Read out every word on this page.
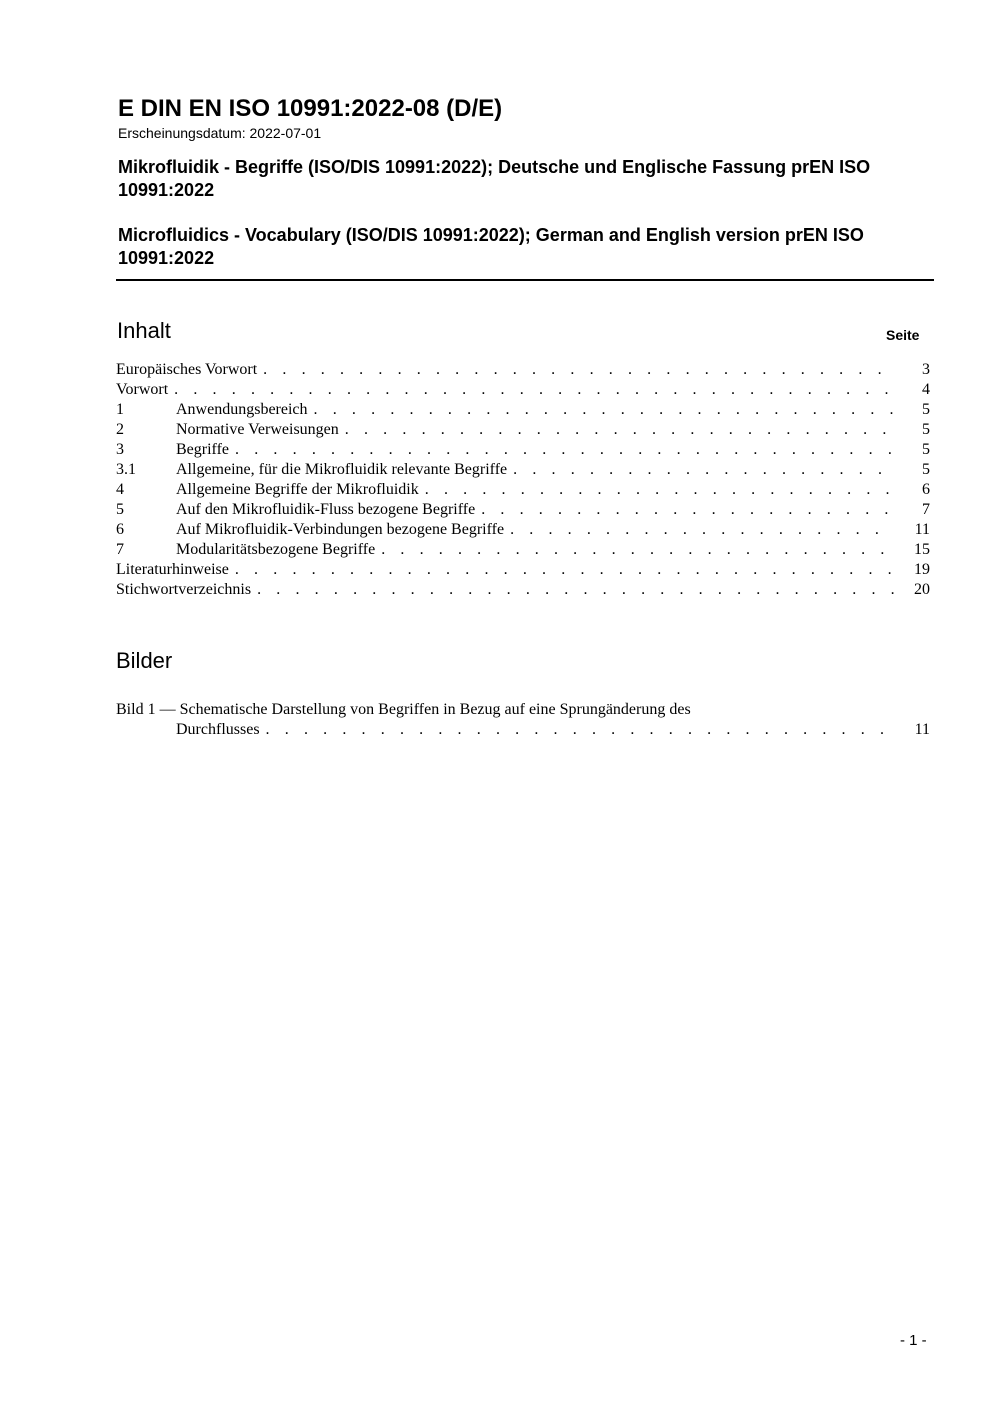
E DIN EN ISO 10991:2022-08 (D/E)
Erscheinungsdatum: 2022-07-01
Mikrofluidik - Begriffe (ISO/DIS 10991:2022); Deutsche und Englische Fassung prEN ISO 10991:2022
Microfluidics - Vocabulary (ISO/DIS 10991:2022); German and English version prEN ISO 10991:2022
Inhalt	Seite
Europäisches Vorwort . . .	3
Vorwort . . .	4
1	Anwendungsbereich . . .	5
2	Normative Verweisungen . . .	5
3	Begriffe . . .	5
3.1	Allgemeine, für die Mikrofluidik relevante Begriffe . . .	5
4	Allgemeine Begriffe der Mikrofluidik . . .	6
5	Auf den Mikrofluidik-Fluss bezogene Begriffe . . .	7
6	Auf Mikrofluidik-Verbindungen bezogene Begriffe . . .	11
7	Modularitätsbezogene Begriffe . . .	15
Literaturhinweise . . .	19
Stichwortverzeichnis . . .	20
Bilder
Bild 1 — Schematische Darstellung von Begriffen in Bezug auf eine Sprungänderung des
Durchflusses . . .	11
- 1 -
